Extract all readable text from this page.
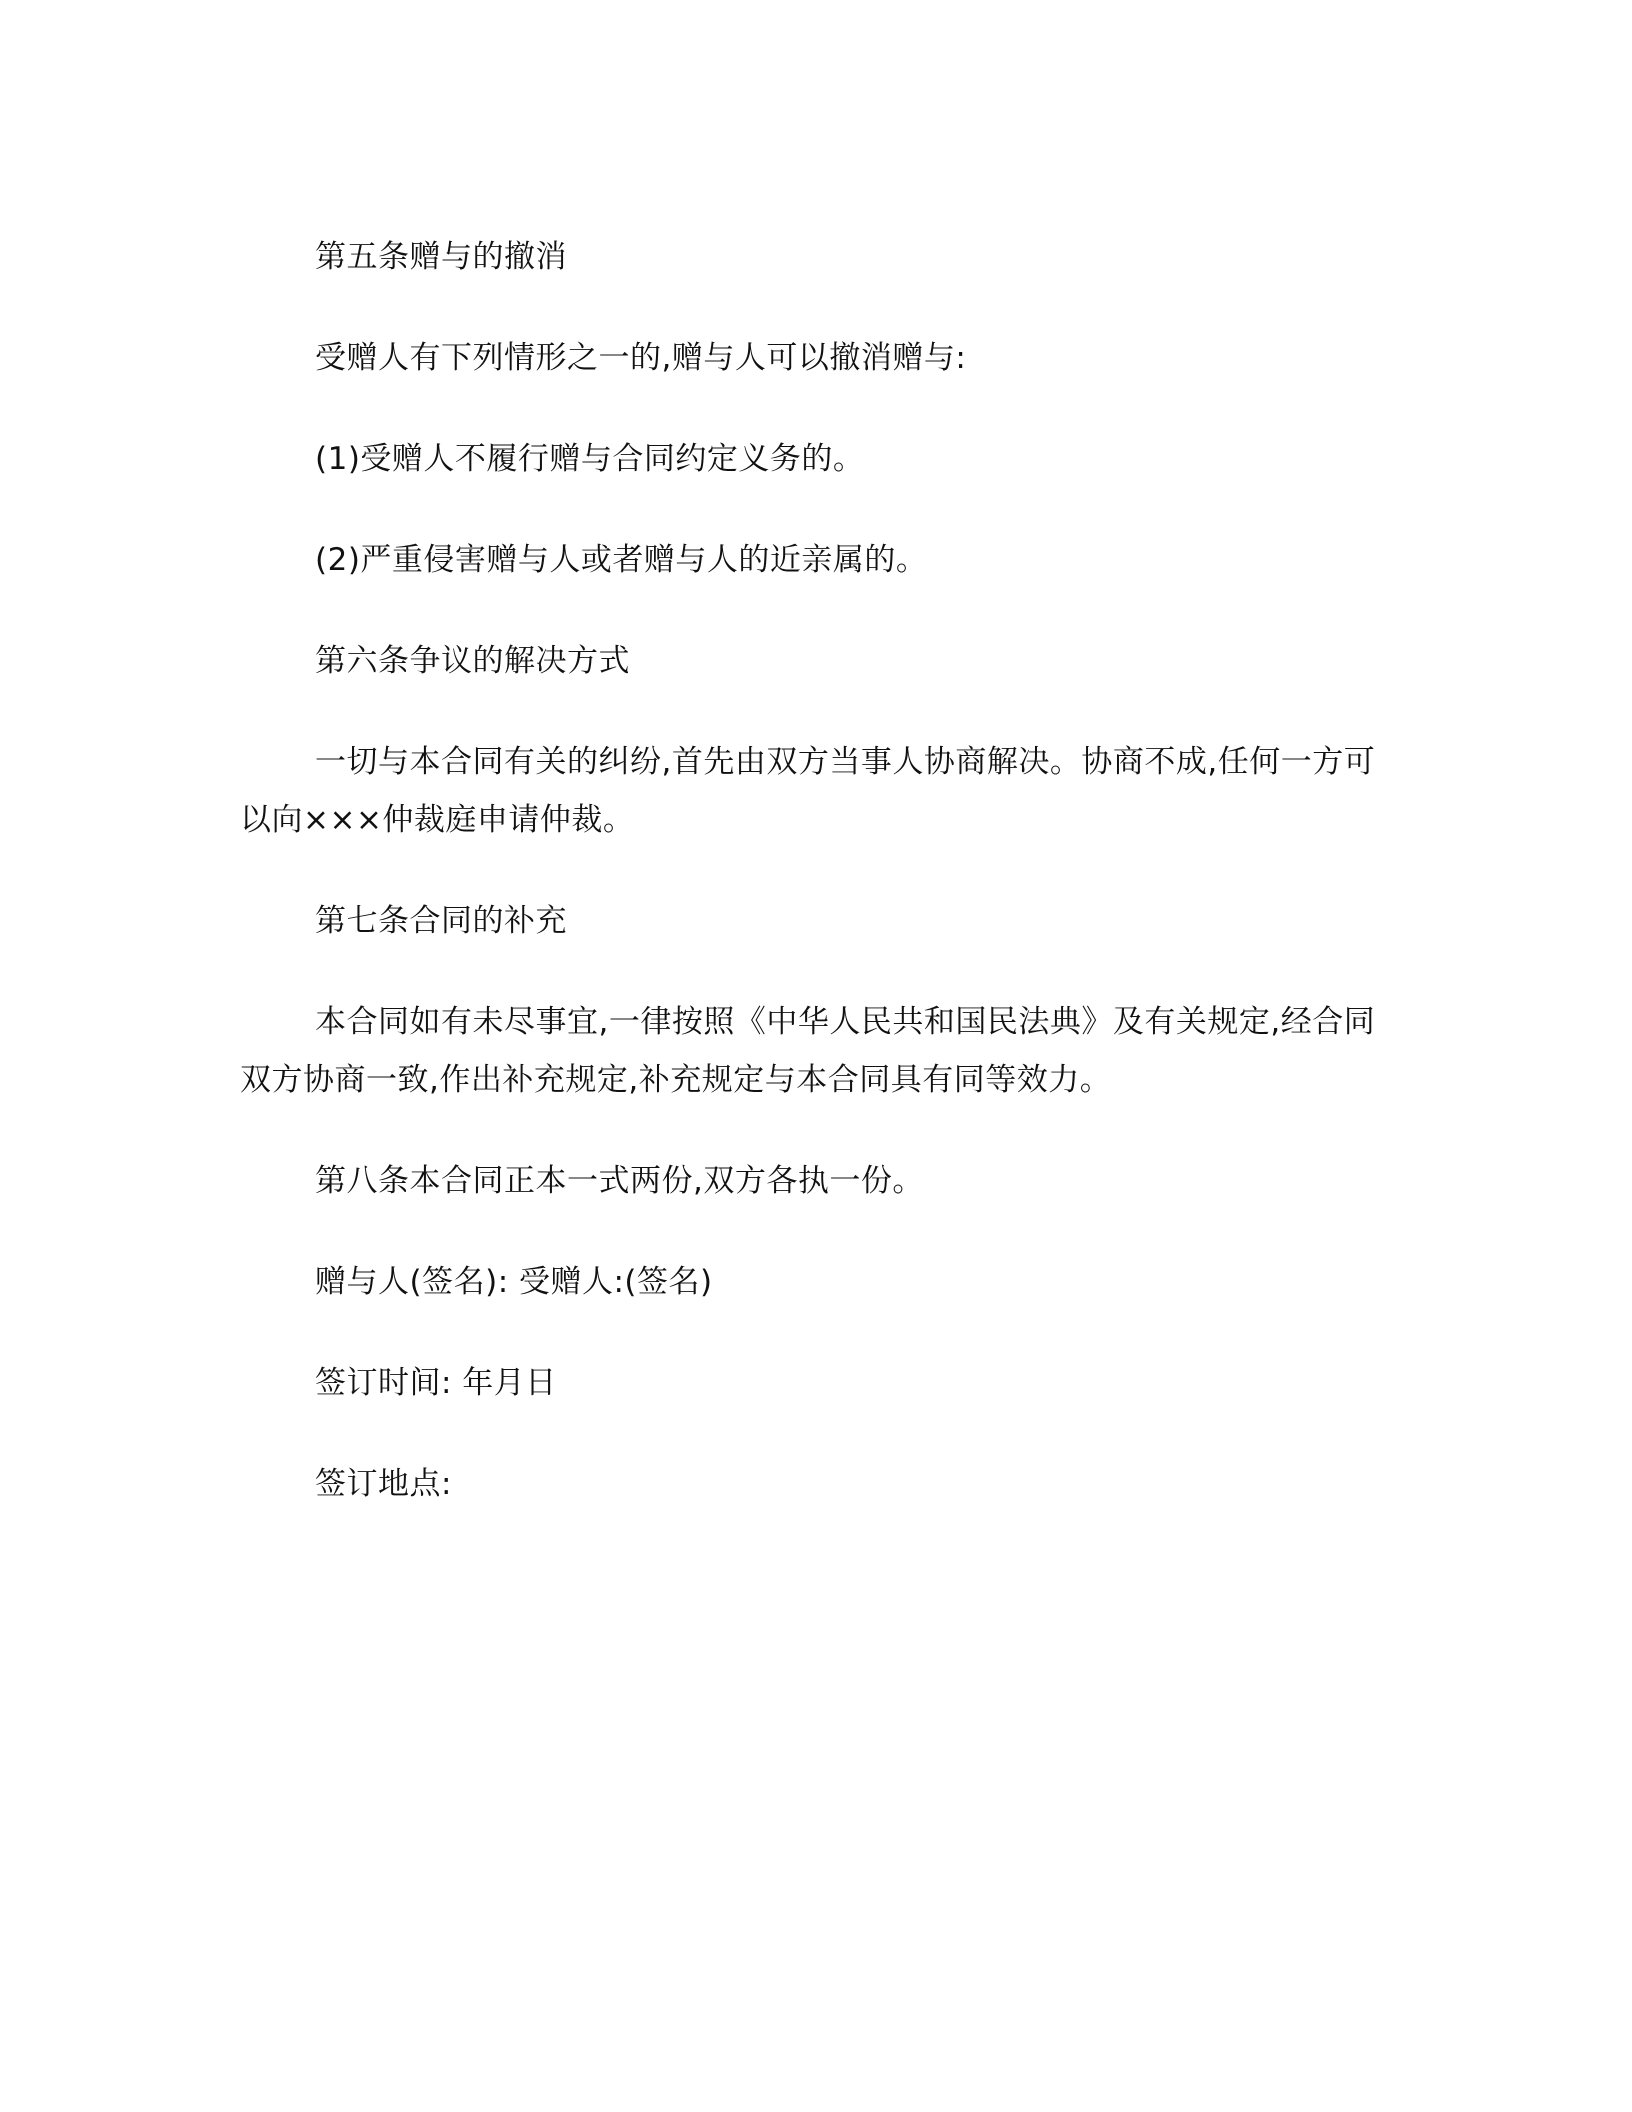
第五条赠与的撤消

受赠人有下列情形之一的,赠与人可以撤消赠与:

(1)受赠人不履行赠与合同约定义务的。

(2)严重侵害赠与人或者赠与人的近亲属的。

第六条争议的解决方式

一切与本合同有关的纠纷,首先由双方当事人协商解决。协商不成,任何一方可以向×××仲裁庭申请仲裁。

第七条合同的补充

本合同如有未尽事宜,一律按照《中华人民共和国民法典》及有关规定,经合同双方协商一致,作出补充规定,补充规定与本合同具有同等效力。

第八条本合同正本一式两份,双方各执一份。

赠与人(签名): 受赠人:(签名)

签订时间: 年月日

签订地点:
